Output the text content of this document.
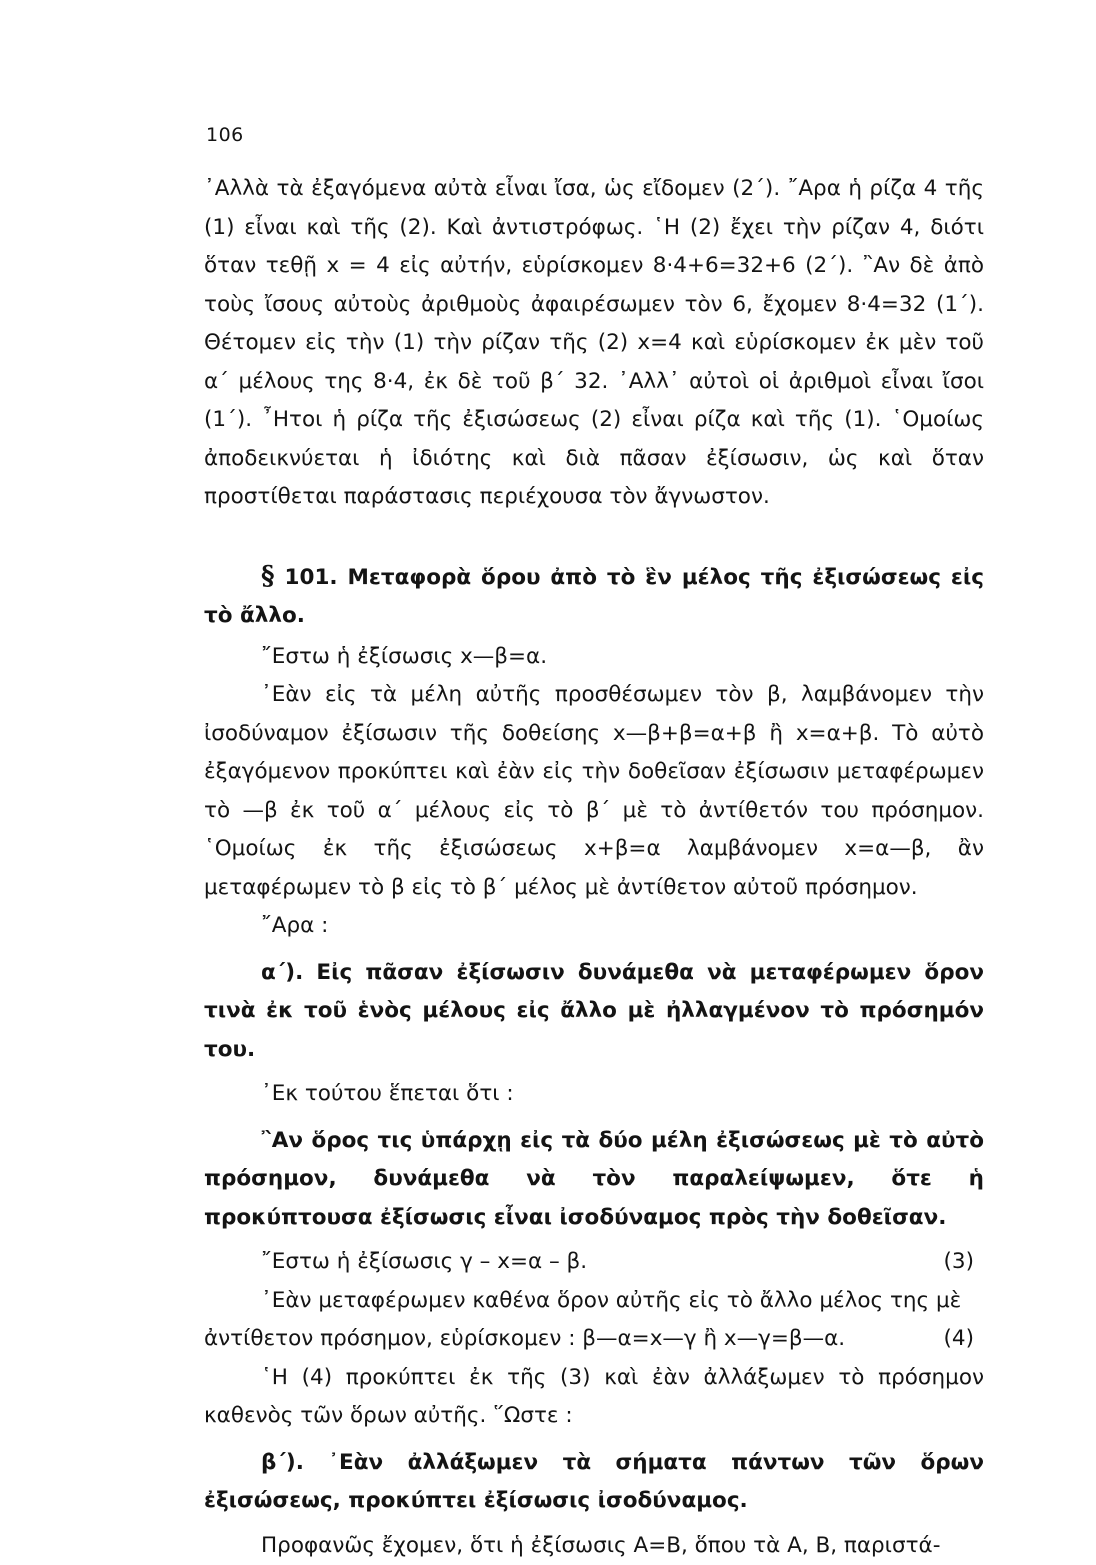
106

᾿Αλλὰ τὰ ἐξαγόμενα αὐτὰ εἶναι ἴσα, ὡς εἴδομεν (2΄). ῎Αρα ἡ ρίζα 4 τῆς (1) εἶναι καὶ τῆς (2). Καὶ ἀντιστρόφως. ῾Η (2) ἔχει τὴν ρίζαν 4, διότι ὅταν τεθῇ x = 4 εἰς αὐτήν, εὑρίσκομεν 8·4+6=32+6 (2΄). ῍Αν δὲ ἀπὸ τοὺς ἴσους αὐτοὺς ἀριθμοὺς ἀφαιρέσωμεν τὸν 6, ἔχομεν 8·4=32 (1΄). Θέτομεν εἰς τὴν (1) τὴν ρίζαν τῆς (2) x=4 καὶ εὑρίσκομεν ἐκ μὲν τοῦ α΄ μέλους της 8·4, ἐκ δὲ τοῦ β΄ 32. ᾿Αλλ᾿ αὐτοὶ οἱ ἀριθμοὶ εἶναι ἴσοι (1΄). ῏Ητοι ἡ ρίζα τῆς ἐξισώσεως (2) εἶναι ρίζα καὶ τῆς (1). ῾Ομοίως ἀποδεικνύεται ἡ ἰδιότης καὶ διὰ πᾶσαν ἐξίσωσιν, ὡς καὶ ὅταν προστίθεται παράστασις περιέχουσα τὸν ἄγνωστον.

§ 101. Μεταφορὰ ὅρου ἀπὸ τὸ ἓν μέλος τῆς ἐξισώσεως εἰς τὸ ἄλλο.

῎Εστω ἡ ἐξίσωσις x—β=α.

᾿Εὰν εἰς τὰ μέλη αὐτῆς προσθέσωμεν τὸν β, λαμβάνομεν τὴν ἰσοδύναμον ἐξίσωσιν τῆς δοθείσης x—β+β=α+β ἢ x=α+β. Τὸ αὐτὸ ἐξαγόμενον προκύπτει καὶ ἐὰν εἰς τὴν δοθεῖσαν ἐξίσωσιν μεταφέρωμεν τὸ —β ἐκ τοῦ α΄ μέλους εἰς τὸ β΄ μὲ τὸ ἀντίθετόν του πρόσημον. ῾Ομοίως ἐκ τῆς ἐξισώσεως x+β=α λαμβάνομεν x=α—β, ἂν μεταφέρωμεν τὸ β εἰς τὸ β΄ μέλος μὲ ἀντίθετον αὐτοῦ πρόσημον.

῎Αρα :

α΄). Εἰς πᾶσαν ἐξίσωσιν δυνάμεθα νὰ μεταφέρωμεν ὅρον τινὰ ἐκ τοῦ ἑνὸς μέλους εἰς ἄλλο μὲ ἠλλαγμένον τὸ πρόσημόν του.

᾿Εκ τούτου ἕπεται ὅτι :

῍Αν ὅρος τις ὑπάρχῃ εἰς τὰ δύο μέλη ἐξισώσεως μὲ τὸ αὐτὸ πρόσημον, δυνάμεθα νὰ τὸν παραλείψωμεν, ὅτε ἡ προκύπτουσα ἐξίσωσις εἶναι ἰσοδύναμος πρὸς τὴν δοθεῖσαν.

῎Εστω ἡ ἐξίσωσις γ – x=α – β.	(3)

᾿Εὰν μεταφέρωμεν καθένα ὅρον αὐτῆς εἰς τὸ ἄλλο μέλος της μὲ

ἀντίθετον πρόσημον, εὑρίσκομεν : β—α=x—γ ἢ x—γ=β—α.	(4)

῾Η (4) προκύπτει ἐκ τῆς (3) καὶ ἐὰν ἀλλάξωμεν τὸ πρόσημον καθενὸς τῶν ὅρων αὐτῆς. ῞Ωστε :

β΄). ᾿Εὰν ἀλλάξωμεν τὰ σήματα πάντων τῶν ὅρων ἐξισώσεως, προκύπτει ἐξίσωσις ἰσοδύναμος.

Προφανῶς ἔχομεν, ὅτι ἡ ἐξίσωσις Α=Β, ὅπου τὰ Α, Β, παριστά-
